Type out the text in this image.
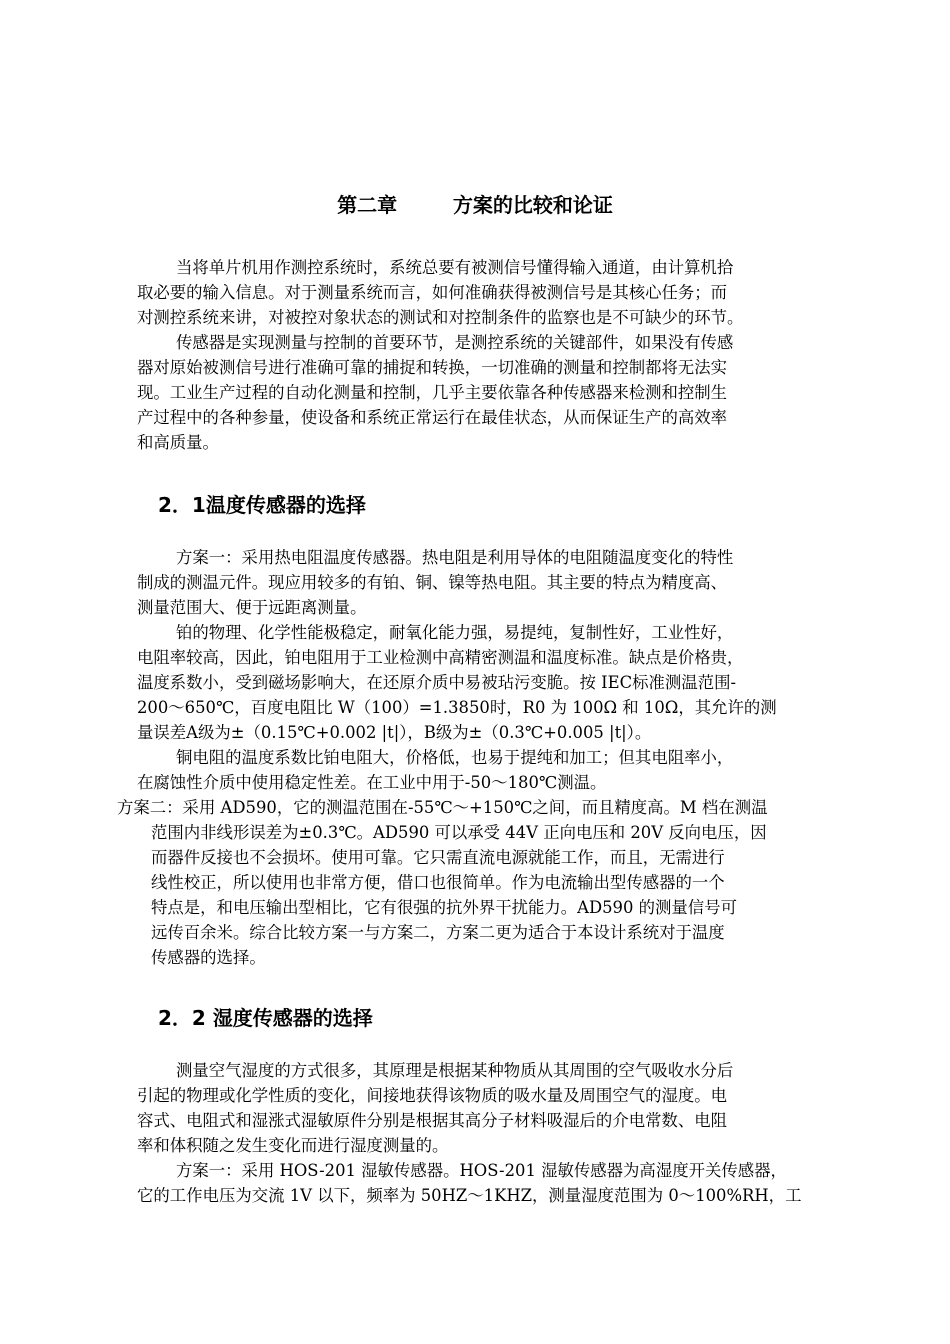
第二章        方案的比较和论证
当将单片机用作测控系统时，系统总要有被测信号懂得输入通道，由计算机拾
取必要的输入信息。对于测量系统而言，如何准确获得被测信号是其核心任务；而
对测控系统来讲，对被控对象状态的测试和对控制条件的监察也是不可缺少的环节。
传感器是实现测量与控制的首要环节，是测控系统的关键部件，如果没有传感
器对原始被测信号进行准确可靠的捕捉和转换，一切准确的测量和控制都将无法实
现。工业生产过程的自动化测量和控制，几乎主要依靠各种传感器来检测和控制生
产过程中的各种参量，使设备和系统正常运行在最佳状态，从而保证生产的高效率
和高质量。
2．1温度传感器的选择
方案一：采用热电阻温度传感器。热电阻是利用导体的电阻随温度变化的特性
制成的测温元件。现应用较多的有铂、铜、镍等热电阻。其主要的特点为精度高、
测量范围大、便于远距离测量。
铂的物理、化学性能极稳定，耐氧化能力强，易提纯，复制性好，工业性好，
电阻率较高，因此，铂电阻用于工业检测中高精密测温和温度标准。缺点是价格贵，
温度系数小，受到磁场影响大，在还原介质中易被玷污变脆。按 IEC标准测温范围-
200～650℃，百度电阻比 W（100）=1.3850时，R0 为 100Ω 和 10Ω，其允许的测
量误差A级为±（0.15℃+0.002 |t|），B级为±（0.3℃+0.005 |t|）。
铜电阻的温度系数比铂电阻大，价格低，也易于提纯和加工；但其电阻率小，
在腐蚀性介质中使用稳定性差。在工业中用于-50～180℃测温。
方案二：采用 AD590，它的测温范围在-55℃～+150℃之间，而且精度高。M 档在测温
范围内非线形误差为±0.3℃。AD590 可以承受 44V 正向电压和 20V 反向电压，因
而器件反接也不会损坏。使用可靠。它只需直流电源就能工作，而且，无需进行
线性校正，所以使用也非常方便，借口也很简单。作为电流输出型传感器的一个
特点是，和电压输出型相比，它有很强的抗外界干扰能力。AD590 的测量信号可
远传百余米。综合比较方案一与方案二，方案二更为适合于本设计系统对于温度
传感器的选择。
2．2 湿度传感器的选择
测量空气湿度的方式很多，其原理是根据某种物质从其周围的空气吸收水分后
引起的物理或化学性质的变化，间接地获得该物质的吸水量及周围空气的湿度。电
容式、电阻式和湿涨式湿敏原件分别是根据其高分子材料吸湿后的介电常数、电阻
率和体积随之发生变化而进行湿度测量的。
方案一：采用 HOS-201 湿敏传感器。HOS-201 湿敏传感器为高湿度开关传感器，
它的工作电压为交流 1V 以下，频率为 50HZ～1KHZ，测量湿度范围为 0～100%RH，工
